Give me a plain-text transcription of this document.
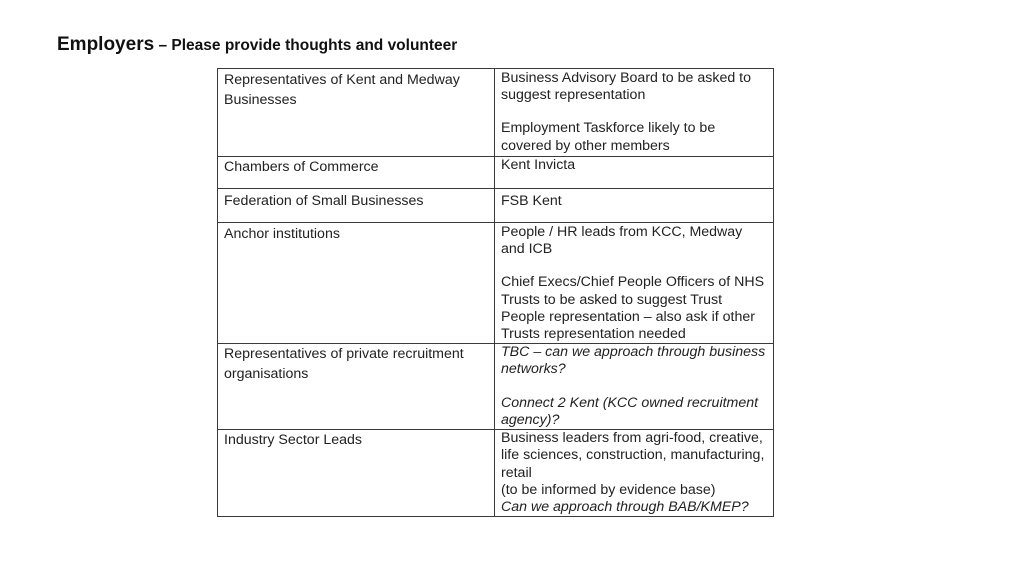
Employers – Please provide thoughts and volunteer
Representatives of Kent and Medway Businesses	Business Advisory Board to be asked to suggest representation

Employment Taskforce likely to be covered by other members

Chambers of Commerce	Kent Invicta

Federation of Small Businesses	FSB Kent

Anchor institutions	People / HR leads from KCC, Medway and ICB

Chief Execs/Chief People Officers of NHS Trusts to be asked to suggest Trust People representation – also ask if other Trusts representation needed

Representatives of private recruitment organisations	TBC – can we approach through business networks?

Connect 2 Kent (KCC owned recruitment agency)?

Industry Sector Leads	Business leaders from agri-food, creative, life sciences, construction, manufacturing, retail

(to be informed by evidence base)

Can we approach through BAB/KMEP?
